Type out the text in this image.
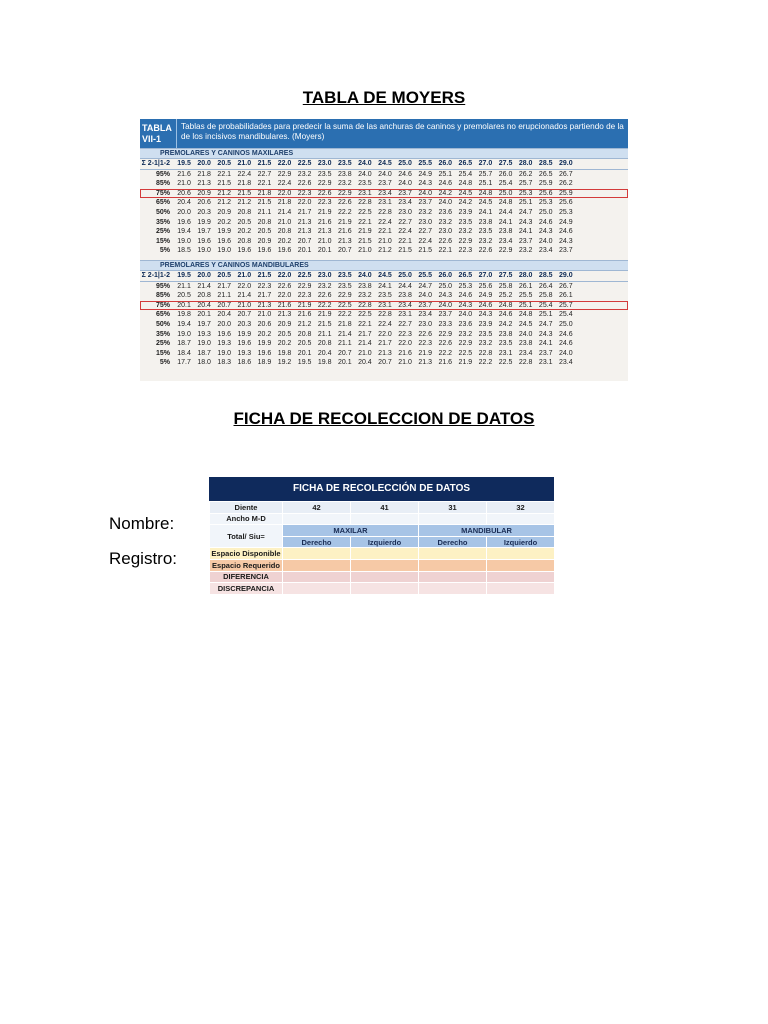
TABLA DE MOYERS
TABLA
VII-1
Tablas de probabilidades para predecir la suma de las anchuras de caninos y premolares no erupcionados partiendo de la de los incisivos mandibulares. (Moyers)
PREMOLARES Y CANINOS MAXILARES
Σ 2-1|1-2	19.5 20.0 20.5 21.0 21.5 22.0 22.5 23.0 23.5 24.0 24.5 25.0 25.5 26.0 26.5 27.0 27.5 28.0 28.5 29.0
95%	21.6 21.8 22.1 22.4 22.7 22.9 23.2 23.5 23.8 24.0 24.0 24.6 24.9 25.1 25.4 25.7 26.0 26.2 26.5 26.7
85%	21.0 21.3 21.5 21.8 22.1 22.4 22.6 22.9 23.2 23.5 23.7 24.0 24.3 24.6 24.8 25.1 25.4 25.7 25.9 26.2
75%	20.6 20.9 21.2 21.5 21.8 22.0 22.3 22.6 22.9 23.1 23.4 23.7 24.0 24.2 24.5 24.8 25.0 25.3 25.6 25.9
65%	20.4 20.6 21.2 21.2 21.5 21.8 22.0 22.3 22.6 22.8 23.1 23.4 23.7 24.0 24.2 24.5 24.8 25.1 25.3 25.6
50%	20.0 20.3 20.9 20.8 21.1 21.4 21.7 21.9 22.2 22.5 22.8 23.0 23.2 23.6 23.9 24.1 24.4 24.7 25.0 25.3
35%	19.6 19.9 20.2 20.5 20.8 21.0 21.3 21.6 21.9 22.1 22.4 22.7 23.0 23.2 23.5 23.8 24.1 24.3 24.6 24.9
25%	19.4 19.7 19.9 20.2 20.5 20.8 21.3 21.3 21.6 21.9 22.1 22.4 22.7 23.0 23.2 23.5 23.8 24.1 24.3 24.6
15%	19.0 19.6 19.6 20.8 20.9 20.2 20.7 21.0 21.3 21.5 21.0 22.1 22.4 22.6 22.9 23.2 23.4 23.7 24.0 24.3
5%	18.5 19.0 19.0 19.6 19.6 19.6 20.1 20.1 20.7 21.0 21.2 21.5 21.5 22.1 22.3 22.6 22.9 23.2 23.4 23.7
PREMOLARES Y CANINOS MANDIBULARES
Σ 2-1|1-2	19.5 20.0 20.5 21.0 21.5 22.0 22.5 23.0 23.5 24.0 24.5 25.0 25.5 26.0 26.5 27.0 27.5 28.0 28.5 29.0
95%	21.1 21.4 21.7 22.0 22.3 22.6 22.9 23.2 23.5 23.8 24.1 24.4 24.7 25.0 25.3 25.6 25.8 26.1 26.4 26.7
85%	20.5 20.8 21.1 21.4 21.7 22.0 22.3 22.6 22.9 23.2 23.5 23.8 24.0 24.3 24.6 24.9 25.2 25.5 25.8 26.1
75%	20.1 20.4 20.7 21.0 21.3 21.6 21.9 22.2 22.5 22.8 23.1 23.4 23.7 24.0 24.3 24.6 24.8 25.1 25.4 25.7
65%	19.8 20.1 20.4 20.7 21.0 21.3 21.6 21.9 22.2 22.5 22.8 23.1 23.4 23.7 24.0 24.3 24.6 24.8 25.1 25.4
50%	19.4 19.7 20.0 20.3 20.6 20.9 21.2 21.5 21.8 22.1 22.4 22.7 23.0 23.3 23.6 23.9 24.2 24.5 24.7 25.0
35%	19.0 19.3 19.6 19.9 20.2 20.5 20.8 21.1 21.4 21.7 22.0 22.3 22.6 22.9 23.2 23.5 23.8 24.0 24.3 24.6
25%	18.7 19.0 19.3 19.6 19.9 20.2 20.5 20.8 21.1 21.4 21.7 22.0 22.3 22.6 22.9 23.2 23.5 23.8 24.1 24.6
15%	18.4 18.7 19.0 19.3 19.6 19.8 20.1 20.4 20.7 21.0 21.3 21.6 21.9 22.2 22.5 22.8 23.1 23.4 23.7 24.0
5%	17.7 18.0 18.3 18.6 18.9 19.2 19.5 19.8 20.1 20.4 20.7 21.0 21.3 21.6 21.9 22.2 22.5 22.8 23.1 23.4
FICHA DE RECOLECCION DE DATOS
Nombre:
Registro:
FICHA DE RECOLECCIÓN DE DATOS
Diente	42	41	31	32
Ancho M-D				
Total/ Siu=	MAXILAR		MANDIBULAR	
	Derecho	Izquierdo	Derecho	Izquierdo
Espacio Disponible				
Espacio Requerido				
DIFERENCIA				
DISCREPANCIA				
